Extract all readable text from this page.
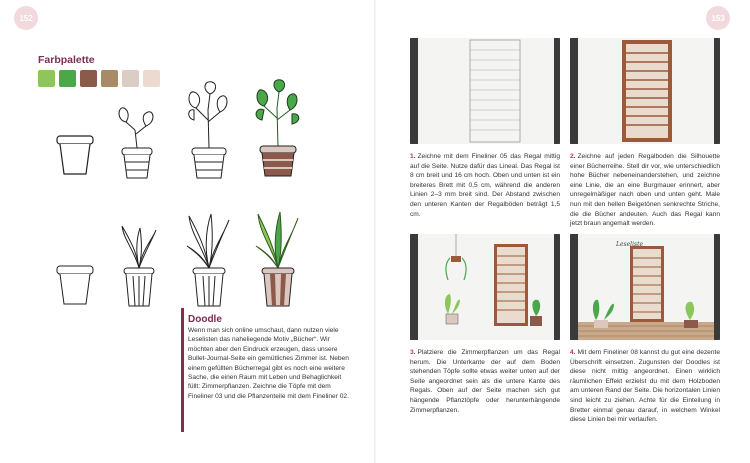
152	153
Farbpalette
Doodle
Wenn man sich online umschaut, dann nutzen viele Leselisten das naheliegende Motiv „Bücher“. Wir möchten aber den Eindruck erzeugen, dass unsere Bullet-Journal-Seite ein gemütliches Zimmer ist. Neben einem gefüllten Bücherregal gibt es noch eine weitere Sache, die einen Raum mit Leben und Behaglichkeit füllt: Zimmerpflanzen. Zeichne die Töpfe mit dem Fineliner 03 und die Pflanzenteile mit dem Fineliner 02.
Leseliste
1. Zeichne mit dem Fineliner 05 das Regal mittig auf die Seite. Nutze dafür das Lineal. Das Regal ist 8 cm breit und 16 cm hoch. Oben und unten ist ein breiteres Brett mit 0,5 cm, während die anderen Linien 2–3 mm breit sind. Der Abstand zwischen den unteren Kanten der Regalböden beträgt 1,5 cm.
2. Zeichne auf jeden Regalboden die Silhouette einer Bücherreihe. Stell dir vor, wie unterschiedlich hohe Bücher nebeneinanderstehen, und zeichne eine Linie, die an eine Burgmauer erinnert, aber unregelmäßiger nach oben und unten geht. Male nun mit den hellen Beigetönen senkrechte Striche, die die Bücher andeuten. Auch das Regal kann jetzt braun angemalt werden.
3. Platziere die Zimmerpflanzen um das Regal herum. Die Unterkante der auf dem Boden stehenden Töpfe sollte etwas weiter unten auf der Seite angeordnet sein als die untere Kante des Regals. Oben auf der Seite machen sich gut hängende Pflanztöpfe oder herunterhängende Zimmerpflanzen.
4. Mit dem Fineliner 08 kannst du gut eine dezente Überschrift einsetzen. Zugunsten der Doodles ist diese nicht mittig angeordnet. Einen wirklich räumlichen Effekt erzielst du mit dem Holzboden am unteren Rand der Seite. Die horizontalen Linien sind leicht zu ziehen. Achte für die Einteilung in Bretter einmal genau darauf, in welchem Winkel diese Linien bei mir verlaufen.
